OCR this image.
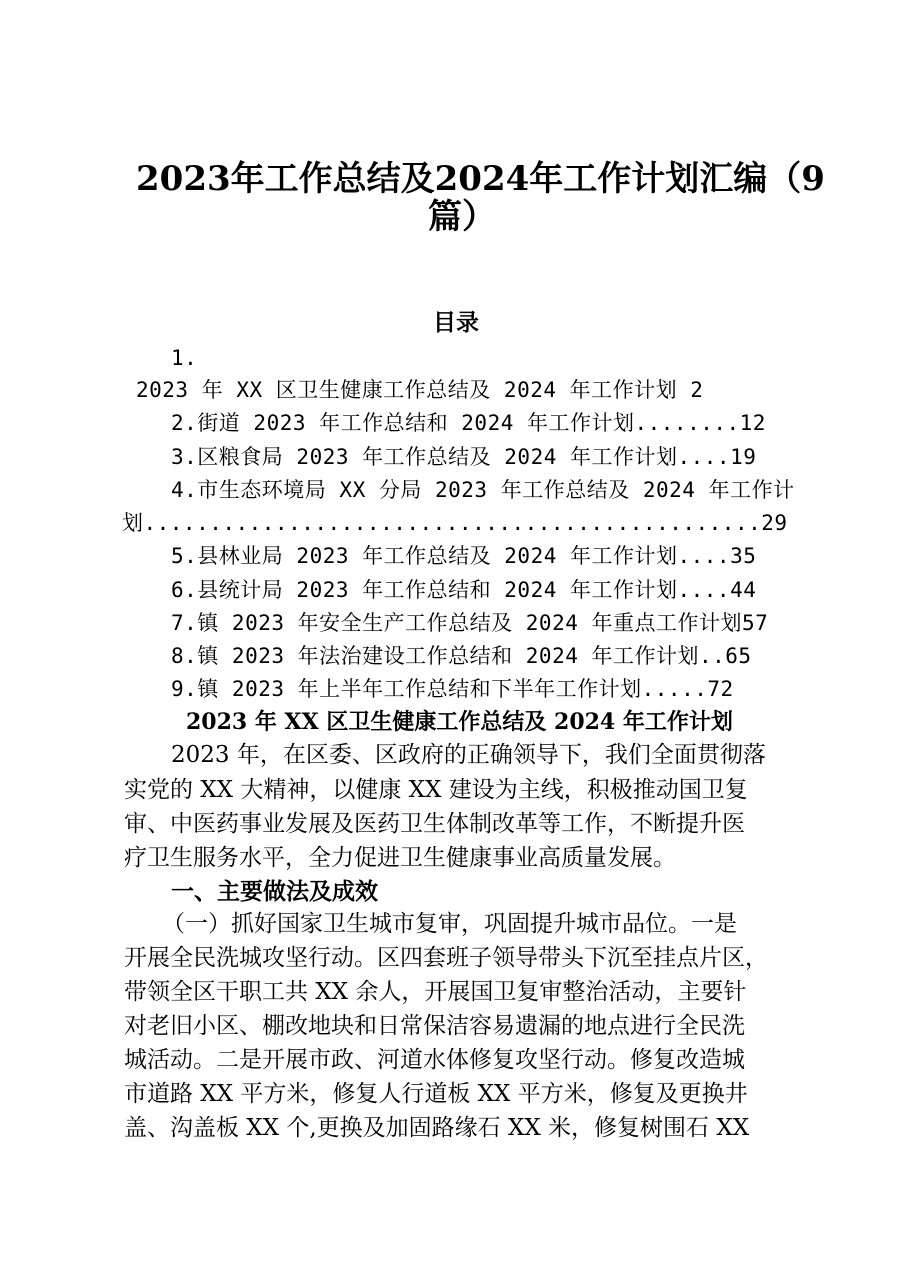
2023年工作总结及2024年工作计划汇编（9
篇）
目录
1.
2023 年 XX 区卫生健康工作总结及 2024 年工作计划 2
2.街道 2023 年工作总结和 2024 年工作计划........12
3.区粮食局 2023 年工作总结及 2024 年工作计划....19
4.市生态环境局 XX 分局 2023 年工作总结及 2024 年工作计
划...............................................29
5.县林业局 2023 年工作总结及 2024 年工作计划....35
6.县统计局 2023 年工作总结和 2024 年工作计划....44
7.镇 2023 年安全生产工作总结及 2024 年重点工作计划57
8.镇 2023 年法治建设工作总结和 2024 年工作计划..65
9.镇 2023 年上半年工作总结和下半年工作计划.....72
2023 年 XX 区卫生健康工作总结及 2024 年工作计划
2023 年，在区委、区政府的正确领导下，我们全面贯彻落
实党的 XX 大精神，以健康 XX 建设为主线，积极推动国卫复
审、中医药事业发展及医药卫生体制改革等工作，不断提升医
疗卫生服务水平，全力促进卫生健康事业高质量发展。
一、主要做法及成效
（一）抓好国家卫生城市复审，巩固提升城市品位。一是
开展全民洗城攻坚行动。区四套班子领导带头下沉至挂点片区，
带领全区干职工共 XX 余人，开展国卫复审整治活动，主要针
对老旧小区、棚改地块和日常保洁容易遗漏的地点进行全民洗
城活动。二是开展市政、河道水体修复攻坚行动。修复改造城
市道路 XX 平方米，修复人行道板 XX 平方米，修复及更换井
盖、沟盖板 XX 个,更换及加固路缘石 XX 米，修复树围石 XX
